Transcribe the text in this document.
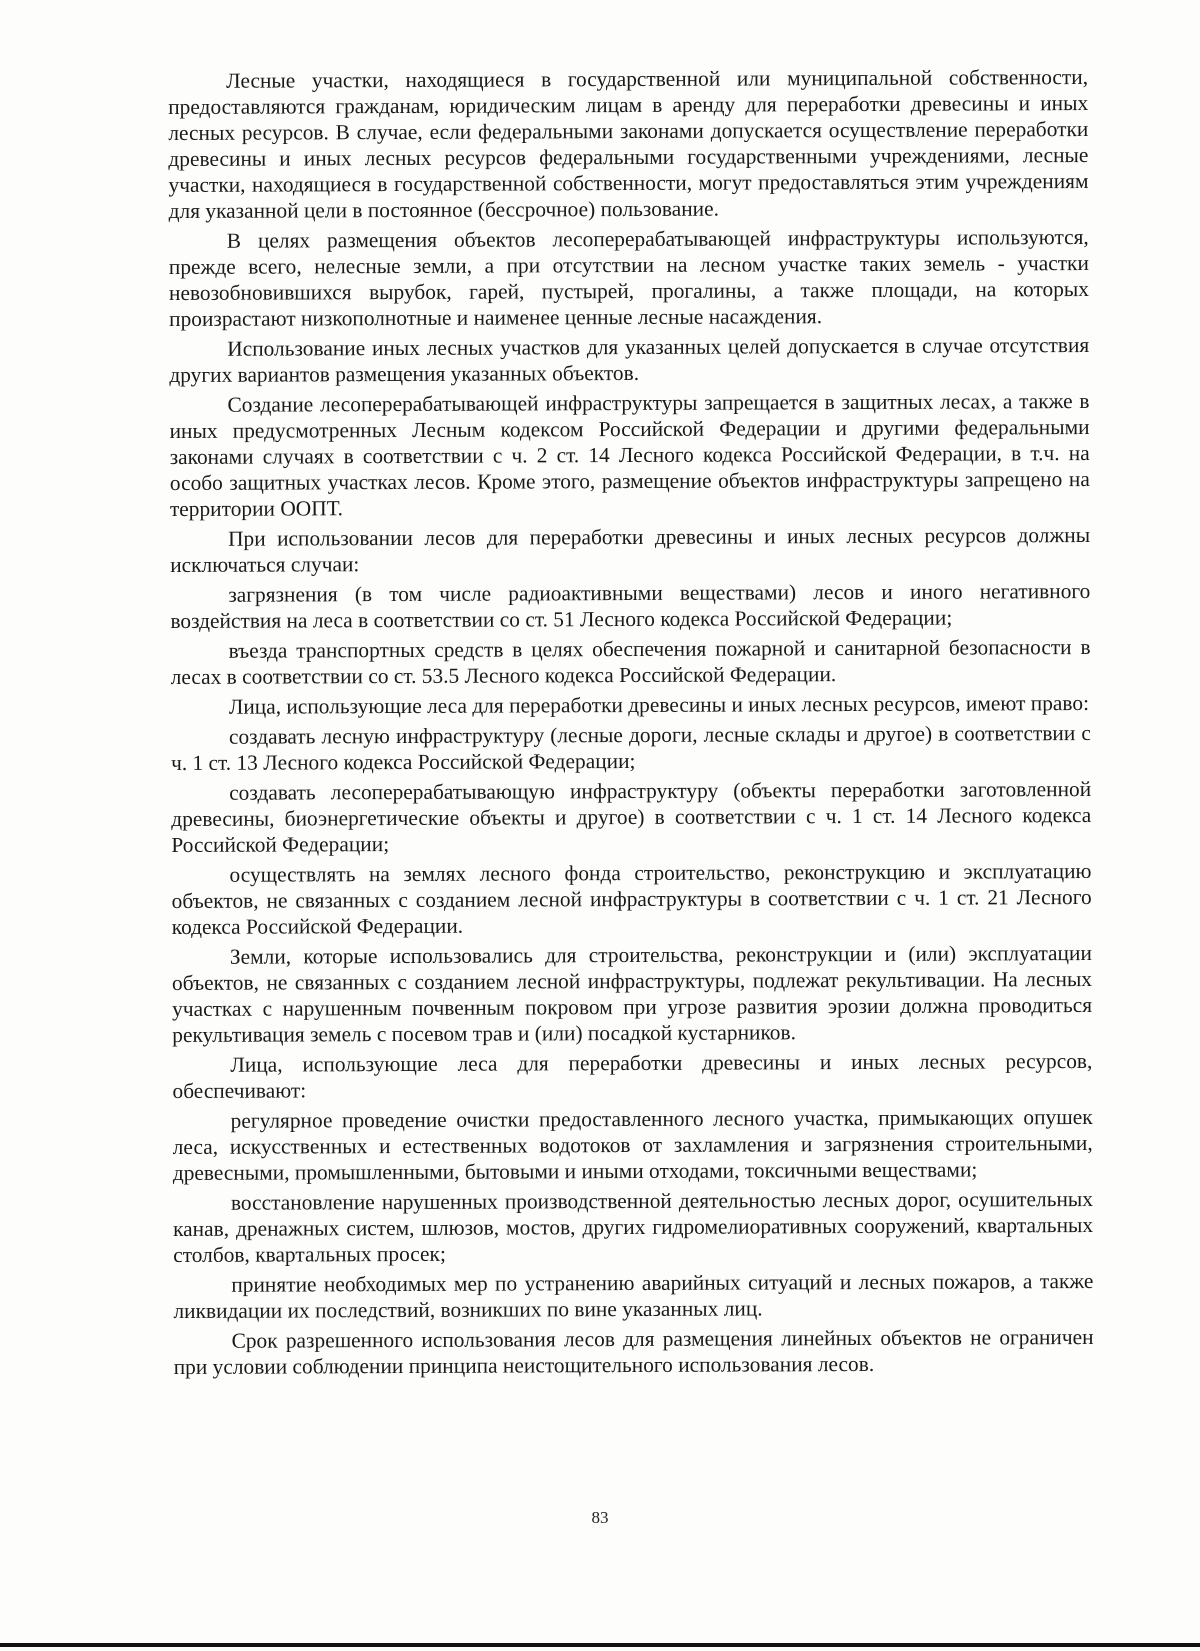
Лесные участки, находящиеся в государственной или муниципальной собственности, предоставляются гражданам, юридическим лицам в аренду для переработки древесины и иных лесных ресурсов. В случае, если федеральными законами допускается осуществление переработки древесины и иных лесных ресурсов федеральными государственными учреждениями, лесные участки, находящиеся в государственной собственности, могут предоставляться этим учреждениям для указанной цели в постоянное (бессрочное) пользование.

В целях размещения объектов лесоперерабатывающей инфраструктуры используются, прежде всего, нелесные земли, а при отсутствии на лесном участке таких земель - участки невозобновившихся вырубок, гарей, пустырей, прогалины, а также площади, на которых произрастают низкополнотные и наименее ценные лесные насаждения.

Использование иных лесных участков для указанных целей допускается в случае отсутствия других вариантов размещения указанных объектов.

Создание лесоперерабатывающей инфраструктуры запрещается в защитных лесах, а также в иных предусмотренных Лесным кодексом Российской Федерации и другими федеральными законами случаях в соответствии с ч. 2 ст. 14 Лесного кодекса Российской Федерации, в т.ч. на особо защитных участках лесов. Кроме этого, размещение объектов инфраструктуры запрещено на территории ООПТ.

При использовании лесов для переработки древесины и иных лесных ресурсов должны исключаться случаи:

загрязнения (в том числе радиоактивными веществами) лесов и иного негативного воздействия на леса в соответствии со ст. 51 Лесного кодекса Российской Федерации;

въезда транспортных средств в целях обеспечения пожарной и санитарной безопасности в лесах в соответствии со ст. 53.5 Лесного кодекса Российской Федерации.

Лица, использующие леса для переработки древесины и иных лесных ресурсов, имеют право:

создавать лесную инфраструктуру (лесные дороги, лесные склады и другое) в соответствии с ч. 1 ст. 13 Лесного кодекса Российской Федерации;

создавать лесоперерабатывающую инфраструктуру (объекты переработки заготовленной древесины, биоэнергетические объекты и другое) в соответствии с ч. 1 ст. 14 Лесного кодекса Российской Федерации;

осуществлять на землях лесного фонда строительство, реконструкцию и эксплуатацию объектов, не связанных с созданием лесной инфраструктуры в соответствии с ч. 1 ст. 21 Лесного кодекса Российской Федерации.

Земли, которые использовались для строительства, реконструкции и (или) эксплуатации объектов, не связанных с созданием лесной инфраструктуры, подлежат рекультивации. На лесных участках с нарушенным почвенным покровом при угрозе развития эрозии должна проводиться рекультивация земель с посевом трав и (или) посадкой кустарников.

Лица, использующие леса для переработки древесины и иных лесных ресурсов, обеспечивают:

регулярное проведение очистки предоставленного лесного участка, примыкающих опушек леса, искусственных и естественных водотоков от захламления и загрязнения строительными, древесными, промышленными, бытовыми и иными отходами, токсичными веществами;

восстановление нарушенных производственной деятельностью лесных дорог, осушительных канав, дренажных систем, шлюзов, мостов, других гидромелиоративных сооружений, квартальных столбов, квартальных просек;

принятие необходимых мер по устранению аварийных ситуаций и лесных пожаров, а также ликвидации их последствий, возникших по вине указанных лиц.

Срок разрешенного использования лесов для размещения линейных объектов не ограничен при условии соблюдении принципа неистощительного использования лесов.

83
